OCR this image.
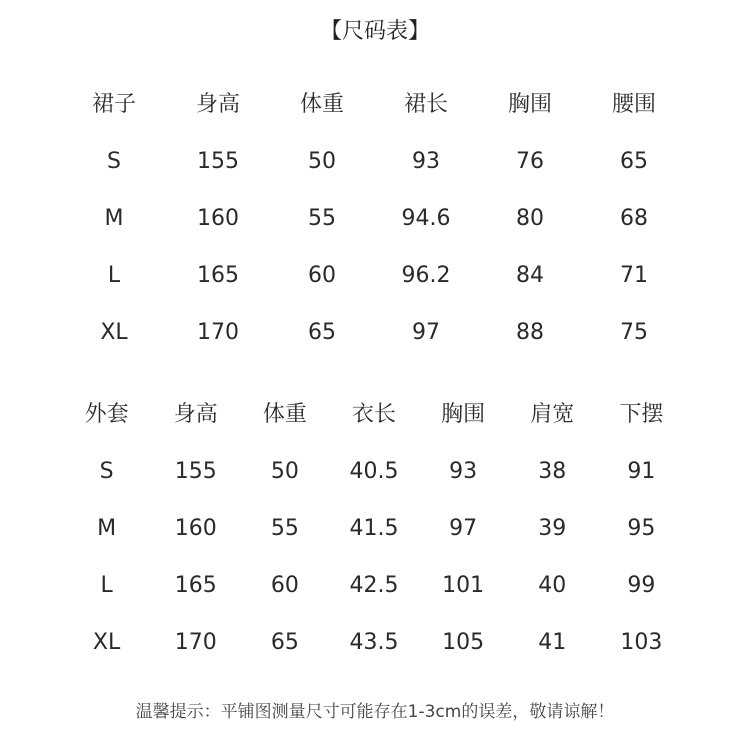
【尺码表】
裙子	身高	体重	裙长	胸围	腰围
S	155	50	93	76	65
M	160	55	94.6	80	68
L	165	60	96.2	84	71
XL	170	65	97	88	75
外套	身高	体重	衣长	胸围	肩宽	下摆
S	155	50	40.5	93	38	91
M	160	55	41.5	97	39	95
L	165	60	42.5	101	40	99
XL	170	65	43.5	105	41	103
温馨提示：平铺图测量尺寸可能存在1-3cm的误差，敬请谅解！
